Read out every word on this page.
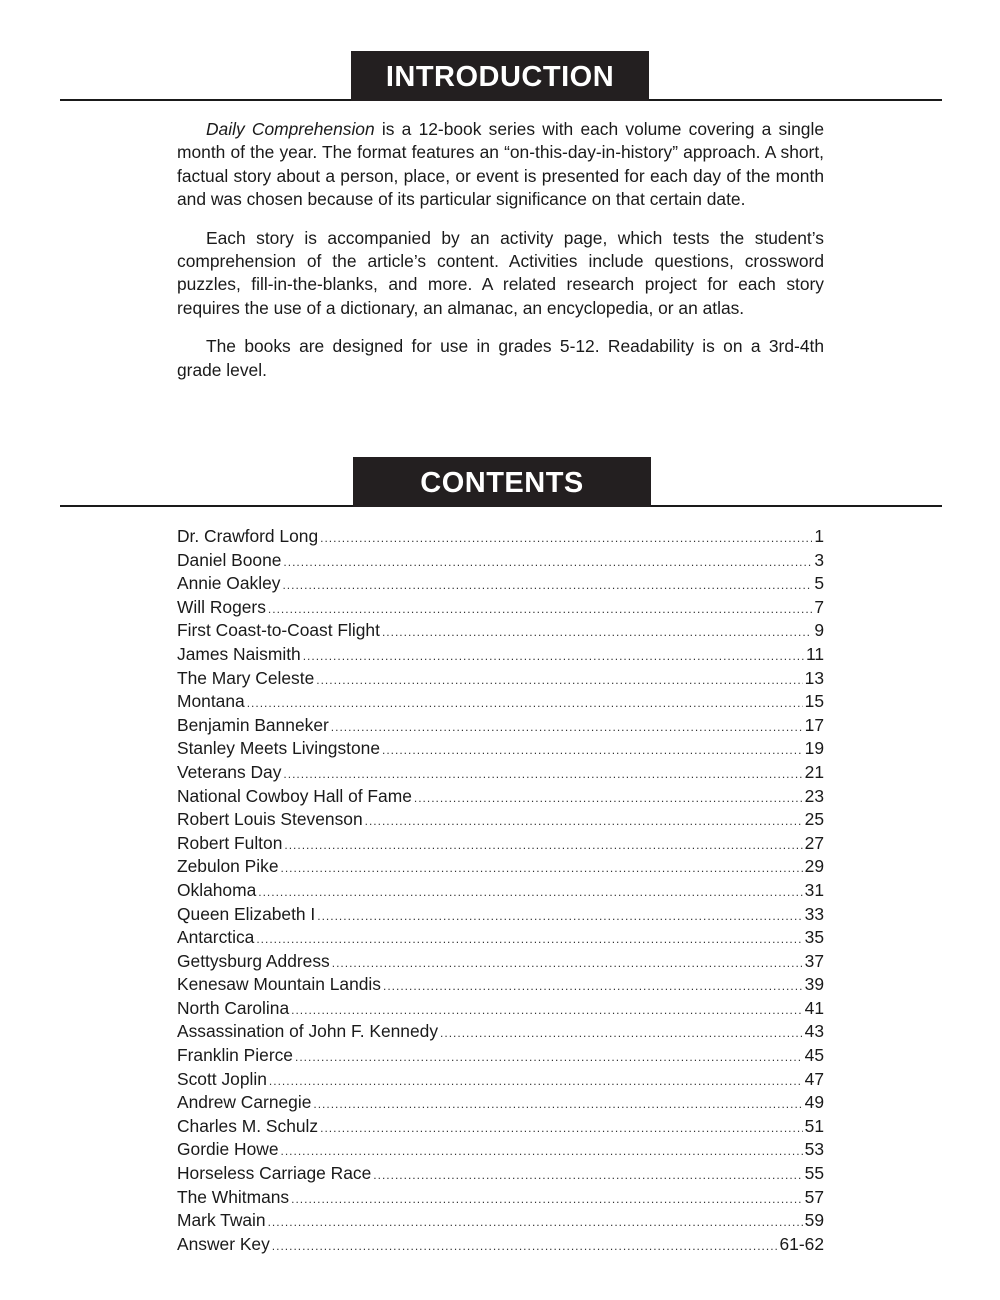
INTRODUCTION

Daily Comprehension is a 12-book series with each volume covering a single month of the year. The format features an “on-this-day-in-history” approach. A short, factual story about a person, place, or event is presented for each day of the month and was chosen because of its particular significance on that certain date.

Each story is accompanied by an activity page, which tests the student’s comprehension of the article’s content. Activities include questions, crossword puzzles, fill-in-the-blanks, and more. A related research project for each story requires the use of a dictionary, an almanac, an encyclopedia, or an atlas.

The books are designed for use in grades 5-12. Readability is on a 3rd-4th grade level.

CONTENTS
Dr. Crawford Long .....	1
Daniel Boone .....	3
Annie Oakley .....	5
Will Rogers .....	7
First Coast-to-Coast Flight .....	9
James Naismith .....	11
The Mary Celeste .....	13
Montana .....	15
Benjamin Banneker .....	17
Stanley Meets Livingstone .....	19
Veterans Day .....	21
National Cowboy Hall of Fame .....	23
Robert Louis Stevenson .....	25
Robert Fulton .....	27
Zebulon Pike .....	29
Oklahoma .....	31
Queen Elizabeth I .....	33
Antarctica .....	35
Gettysburg Address .....	37
Kenesaw Mountain Landis .....	39
North Carolina .....	41
Assassination of John F. Kennedy .....	43
Franklin Pierce .....	45
Scott Joplin .....	47
Andrew Carnegie .....	49
Charles M. Schulz .....	51
Gordie Howe .....	53
Horseless Carriage Race .....	55
The Whitmans .....	57
Mark Twain .....	59
Answer Key .....	61-62
